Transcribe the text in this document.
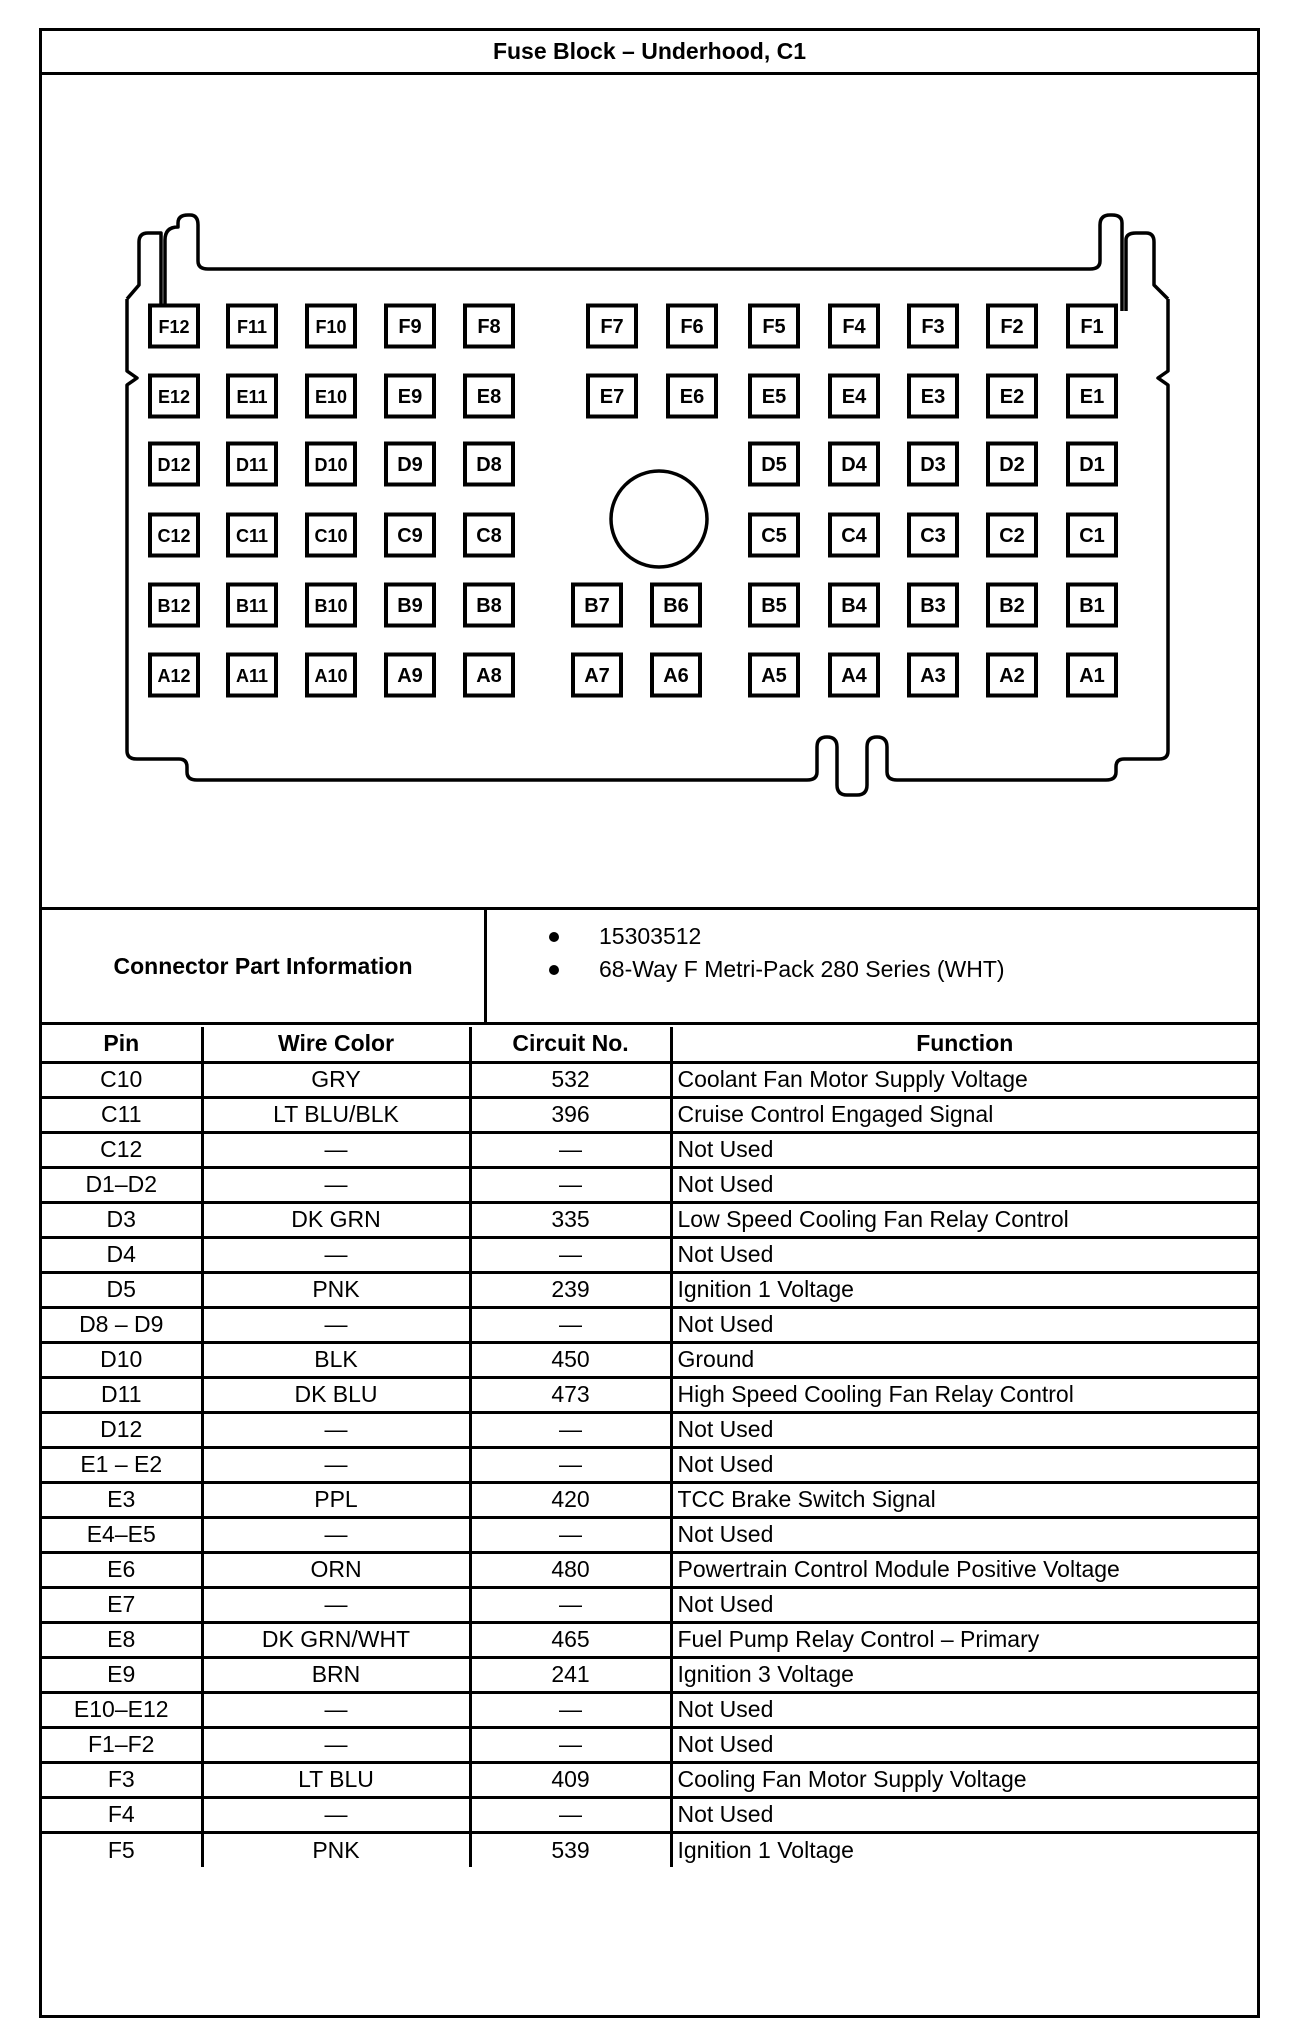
Fuse Block – Underhood, C1
F12	F11	F10	F9	F8	F7	F6	F5	F4	F3	F2	F1
E12	E11	E10	E9	E8	E7	E6	E5	E4	E3	E2	E1
D12	D11	D10 D9	D8	D5	D4	D3	D2	D1
C12	C11	C10 C9	C8	C5	C4	C3	C2	C1
B12	B11	B10 B9	B8	B7	B6	B5	B4	B3	B2	B1
A12	A11	A10 A9	A8	A7	A6	A5	A4	A3	A2	A1
Connector Part Information
15303512
68-Way F Metri-Pack 280 Series (WHT)
Pin	Wire Color	Circuit No.	Function
C10	GRY	532	Coolant Fan Motor Supply Voltage
C11	LT BLU/BLK	396	Cruise Control Engaged Signal
C12	—	—	Not Used
D1–D2	—	—	Not Used
D3	DK GRN	335	Low Speed Cooling Fan Relay Control
D4	—	—	Not Used
D5	PNK	239	Ignition 1 Voltage
D8 – D9	—	—	Not Used
D10	BLK	450	Ground
D11	DK BLU	473	High Speed Cooling Fan Relay Control
D12	—	—	Not Used
E1 – E2	—	—	Not Used
E3	PPL	420	TCC Brake Switch Signal
E4–E5	—	—	Not Used
E6	ORN	480	Powertrain Control Module Positive Voltage
E7	—	—	Not Used
E8	DK GRN/WHT	465	Fuel Pump Relay Control – Primary
E9	BRN	241	Ignition 3 Voltage
E10–E12	—	—	Not Used
F1–F2	—	—	Not Used
F3	LT BLU	409	Cooling Fan Motor Supply Voltage
F4	—	—	Not Used
F5	PNK	539	Ignition 1 Voltage
